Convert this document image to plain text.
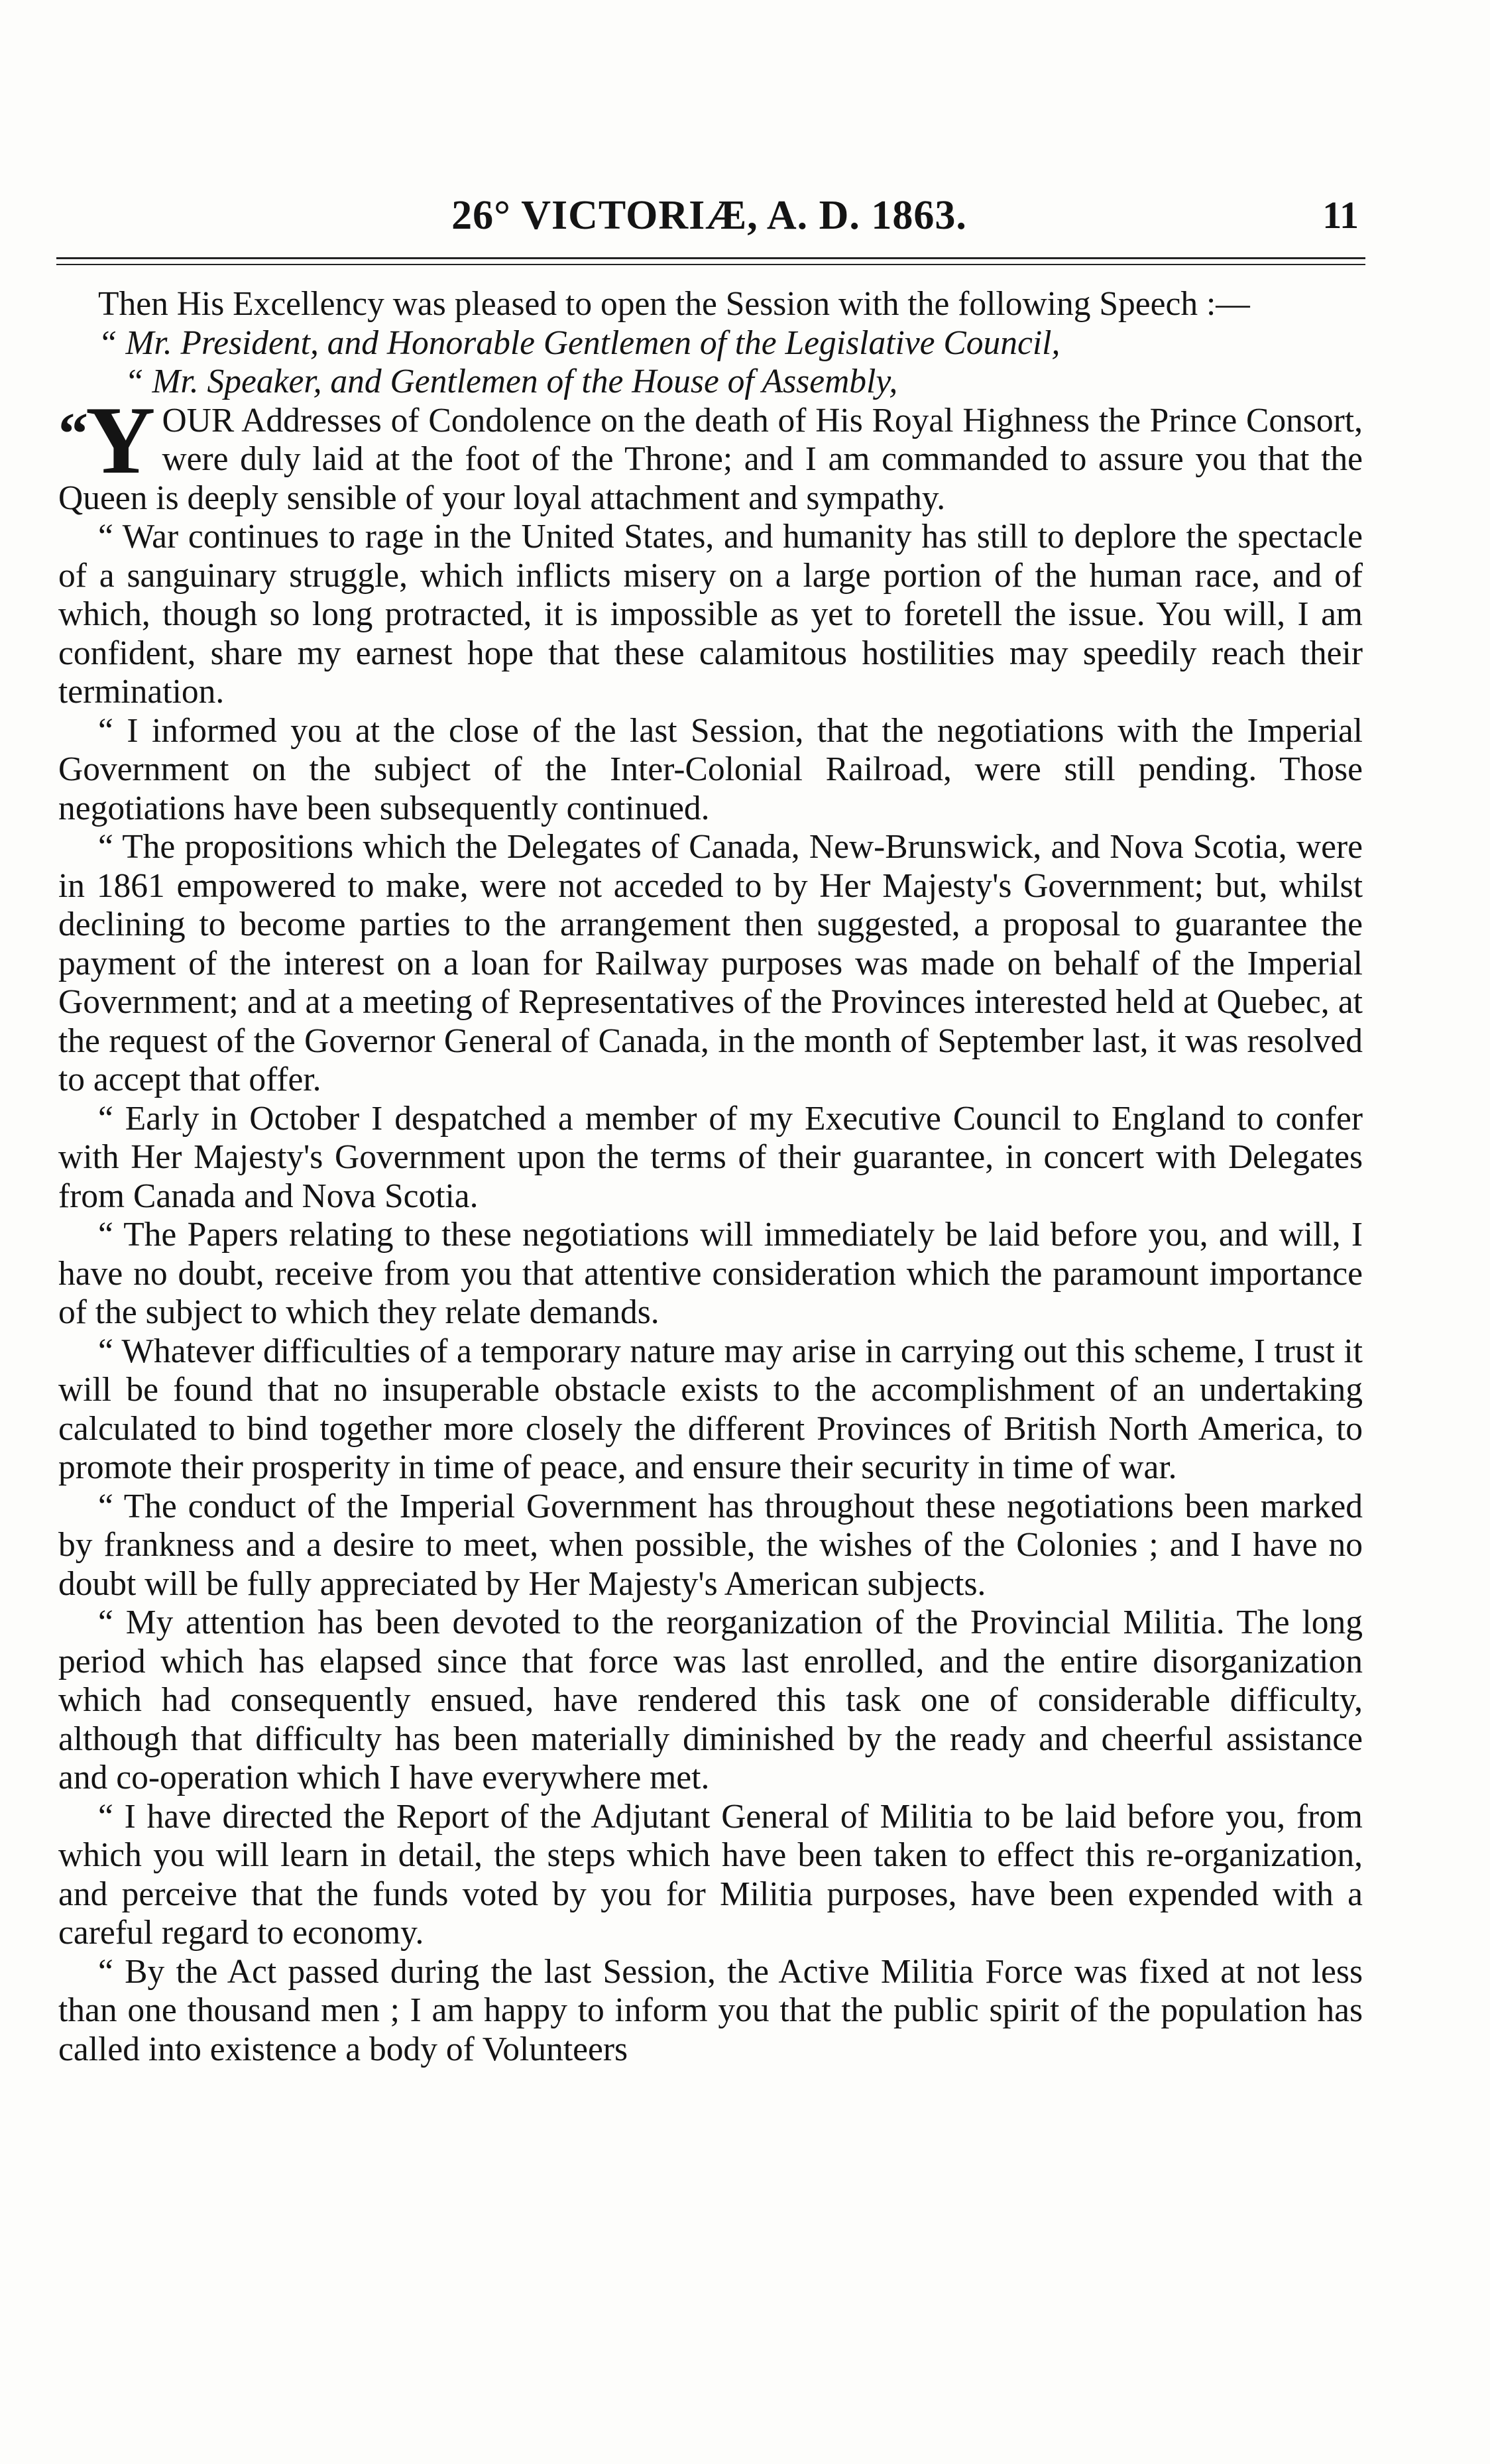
26° VICTORIÆ, A. D. 1863.	11

Then His Excellency was pleased to open the Session with the following Speech :—

“ Mr. President, and Honorable Gentlemen of the Legislative Council,

“ Mr. Speaker, and Gentlemen of the House of Assembly,

“Y OUR Addresses of Condolence on the death of His Royal Highness the Prince Consort, were duly laid at the foot of the Throne; and I am commanded to assure you that the Queen is deeply sensible of your loyal attachment and sympathy.

“ War continues to rage in the United States, and humanity has still to deplore the spectacle of a sanguinary struggle, which inflicts misery on a large portion of the human race, and of which, though so long protracted, it is impossible as yet to foretell the issue. You will, I am confident, share my earnest hope that these calamitous hostilities may speedily reach their termination.

“ I informed you at the close of the last Session, that the negotiations with the Imperial Government on the subject of the Inter-Colonial Railroad, were still pending. Those negotiations have been subsequently continued.

“ The propositions which the Delegates of Canada, New-Brunswick, and Nova Scotia, were in 1861 empowered to make, were not acceded to by Her Majesty's Government; but, whilst declining to become parties to the arrangement then suggested, a proposal to guarantee the payment of the interest on a loan for Railway purposes was made on behalf of the Imperial Government; and at a meeting of Representatives of the Provinces interested held at Quebec, at the request of the Governor General of Canada, in the month of September last, it was resolved to accept that offer.

“ Early in October I despatched a member of my Executive Council to England to confer with Her Majesty's Government upon the terms of their guarantee, in concert with Delegates from Canada and Nova Scotia.

“ The Papers relating to these negotiations will immediately be laid before you, and will, I have no doubt, receive from you that attentive consideration which the paramount importance of the subject to which they relate demands.

“ Whatever difficulties of a temporary nature may arise in carrying out this scheme, I trust it will be found that no insuperable obstacle exists to the accomplishment of an undertaking calculated to bind together more closely the different Provinces of British North America, to promote their prosperity in time of peace, and ensure their security in time of war.

“ The conduct of the Imperial Government has throughout these negotiations been marked by frankness and a desire to meet, when possible, the wishes of the Colonies ; and I have no doubt will be fully appreciated by Her Majesty's American subjects.

“ My attention has been devoted to the reorganization of the Provincial Militia. The long period which has elapsed since that force was last enrolled, and the entire disorganization which had consequently ensued, have rendered this task one of considerable difficulty, although that difficulty has been materially diminished by the ready and cheerful assistance and co-operation which I have everywhere met.

“ I have directed the Report of the Adjutant General of Militia to be laid before you, from which you will learn in detail, the steps which have been taken to effect this re-organization, and perceive that the funds voted by you for Militia purposes, have been expended with a careful regard to economy.

“ By the Act passed during the last Session, the Active Militia Force was fixed at not less than one thousand men ; I am happy to inform you that the public spirit of the population has called into existence a body of Volunteers
